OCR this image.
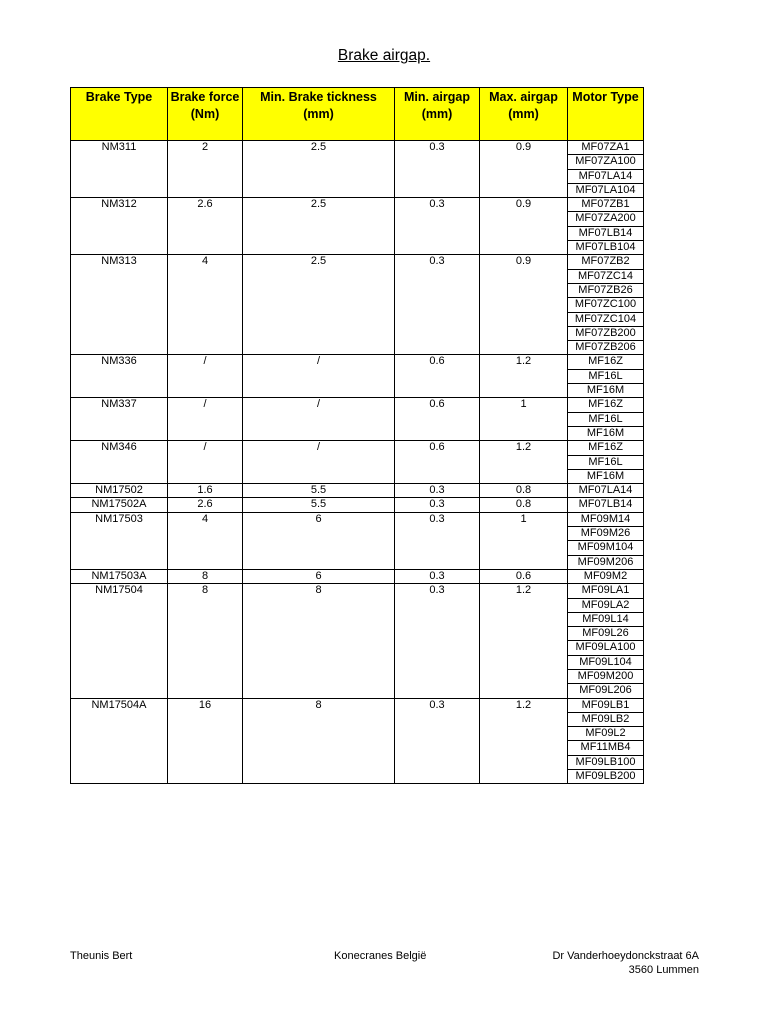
Brake airgap.
Brake Type	Brake force (Nm)	Min. Brake tickness (mm)	Min. airgap (mm)	Max. airgap (mm)	Motor Type
NM311	2	2.5	0.3	0.9	MF07ZA1
					MF07ZA100
					MF07LA14
					MF07LA104
NM312	2.6	2.5	0.3	0.9	MF07ZB1
					MF07ZA200
					MF07LB14
					MF07LB104
NM313	4	2.5	0.3	0.9	MF07ZB2
					MF07ZC14
					MF07ZB26
					MF07ZC100
					MF07ZC104
					MF07ZB200
					MF07ZB206
NM336	/	/	0.6	1.2	MF16Z
					MF16L
					MF16M
NM337	/	/	0.6	1	MF16Z
					MF16L
					MF16M
NM346	/	/	0.6	1.2	MF16Z
					MF16L
					MF16M
NM17502	1.6	5.5	0.3	0.8	MF07LA14
NM17502A	2.6	5.5	0.3	0.8	MF07LB14
NM17503	4	6	0.3	1	MF09M14
					MF09M26
					MF09M104
					MF09M206
NM17503A	8	6	0.3	0.6	MF09M2
NM17504	8	8	0.3	1.2	MF09LA1
					MF09LA2
					MF09L14
					MF09L26
					MF09LA100
					MF09L104
					MF09M200
					MF09L206
NM17504A	16	8	0.3	1.2	MF09LB1
					MF09LB2
					MF09L2
					MF11MB4
					MF09LB100
					MF09LB200
Theunis Bert	Konecranes België	Dr Vanderhoeydonckstraat 6A
3560 Lummen
